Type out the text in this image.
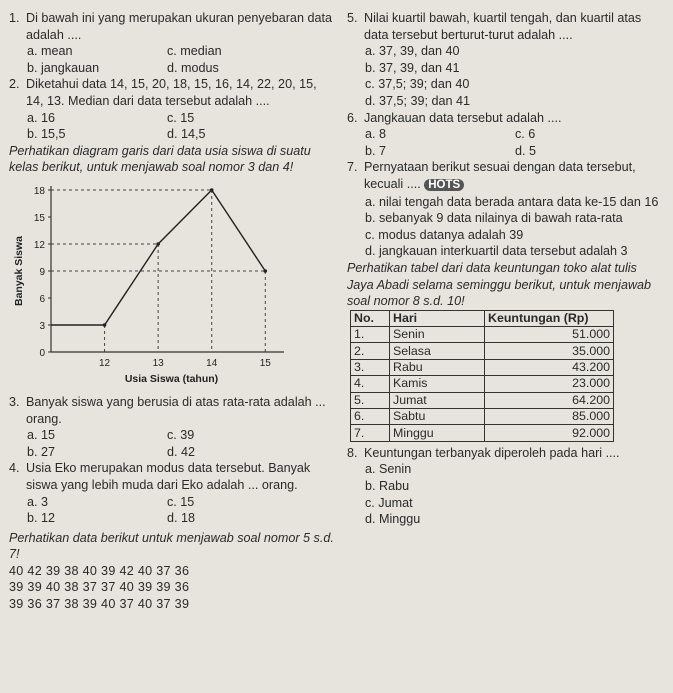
1. Di bawah ini yang merupakan ukuran penyebaran data adalah ....
a. mean	c. median
b. jangkauan	d. modus
2. Diketahui data 14, 15, 20, 18, 15, 16, 14, 22, 20, 15, 14, 13. Median dari data tersebut adalah ....
a. 16	c. 15
b. 15,5	d. 14,5
Perhatikan diagram garis dari data usia siswa di suatu kelas berikut, untuk menjawab soal nomor 3 dan 4!
0
3
6
9
12
15
18
12	13	14	15
Banyak Siswa
Usia Siswa (tahun)
3. Banyak siswa yang berusia di atas rata-rata adalah ... orang.
a. 15	c. 39
b. 27	d. 42
4. Usia Eko merupakan modus data tersebut. Banyak siswa yang lebih muda dari Eko adalah ... orang.
a. 3	c. 15
b. 12	d. 18
Perhatikan data berikut untuk menjawab soal nomor 5 s.d. 7!
40 42 39 38 40 39 42 40 37 36
39 39 40 38 37 37 40 39 39 36
39 36 37 38 39 40 37 40 37 39
5. Nilai kuartil bawah, kuartil tengah, dan kuartil atas data tersebut berturut-turut adalah ....
a. 37, 39, dan 40
b. 37, 39, dan 41
c. 37,5; 39; dan 40
d. 37,5; 39; dan 41
6. Jangkauan data tersebut adalah ....
a. 8	c. 6
b. 7	d. 5
7. Pernyataan berikut sesuai dengan data tersebut, kecuali .... HOTS
a. nilai tengah data berada antara data ke-15 dan 16
b. sebanyak 9 data nilainya di bawah rata-rata
c. modus datanya adalah 39
d. jangkauan interkuartil data tersebut adalah 3
Perhatikan tabel dari data keuntungan toko alat tulis Jaya Abadi selama seminggu berikut, untuk menjawab soal nomor 8 s.d. 10!
No.	Hari	Keuntungan (Rp)
1.	Senin	51.000
2.	Selasa	35.000
3.	Rabu	43.200
4.	Kamis	23.000
5.	Jumat	64.200
6.	Sabtu	85.000
7.	Minggu	92.000
8. Keuntungan terbanyak diperoleh pada hari ....
a. Senin
b. Rabu
c. Jumat
d. Minggu
